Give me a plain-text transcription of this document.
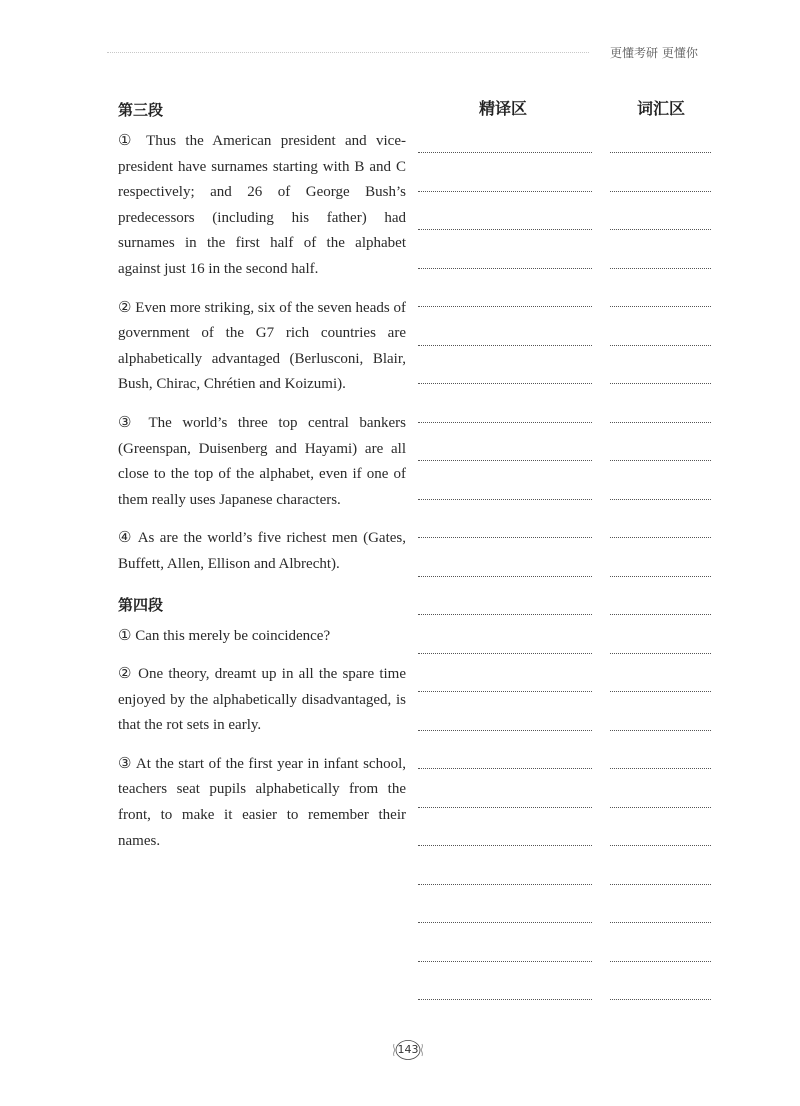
更懂考研 更懂你
精译区	词汇区
第三段

① Thus the American president and vice-president have surnames starting with B and C respectively; and 26 of George Bush’s predecessors (including his father) had surnames in the first half of the alphabet against just 16 in the second half.

② Even more striking, six of the seven heads of government of the G7 rich countries are alphabetically advantaged (Berlusconi, Blair, Bush, Chirac, Chrétien and Koizumi).

③ The world’s three top central bankers (Greenspan, Duisenberg and Hayami) are all close to the top of the alphabet, even if one of them really uses Japanese characters.

④ As are the world’s five richest men (Gates, Buffett, Allen, Ellison and Albrecht).

第四段

① Can this merely be coincidence?

② One theory, dreamt up in all the spare time enjoyed by the alphabetically disadvantaged, is that the rot sets in early.

③ At the start of the first year in infant school, teachers seat pupils alphabetically from the front, to make it easier to remember their names.

143
